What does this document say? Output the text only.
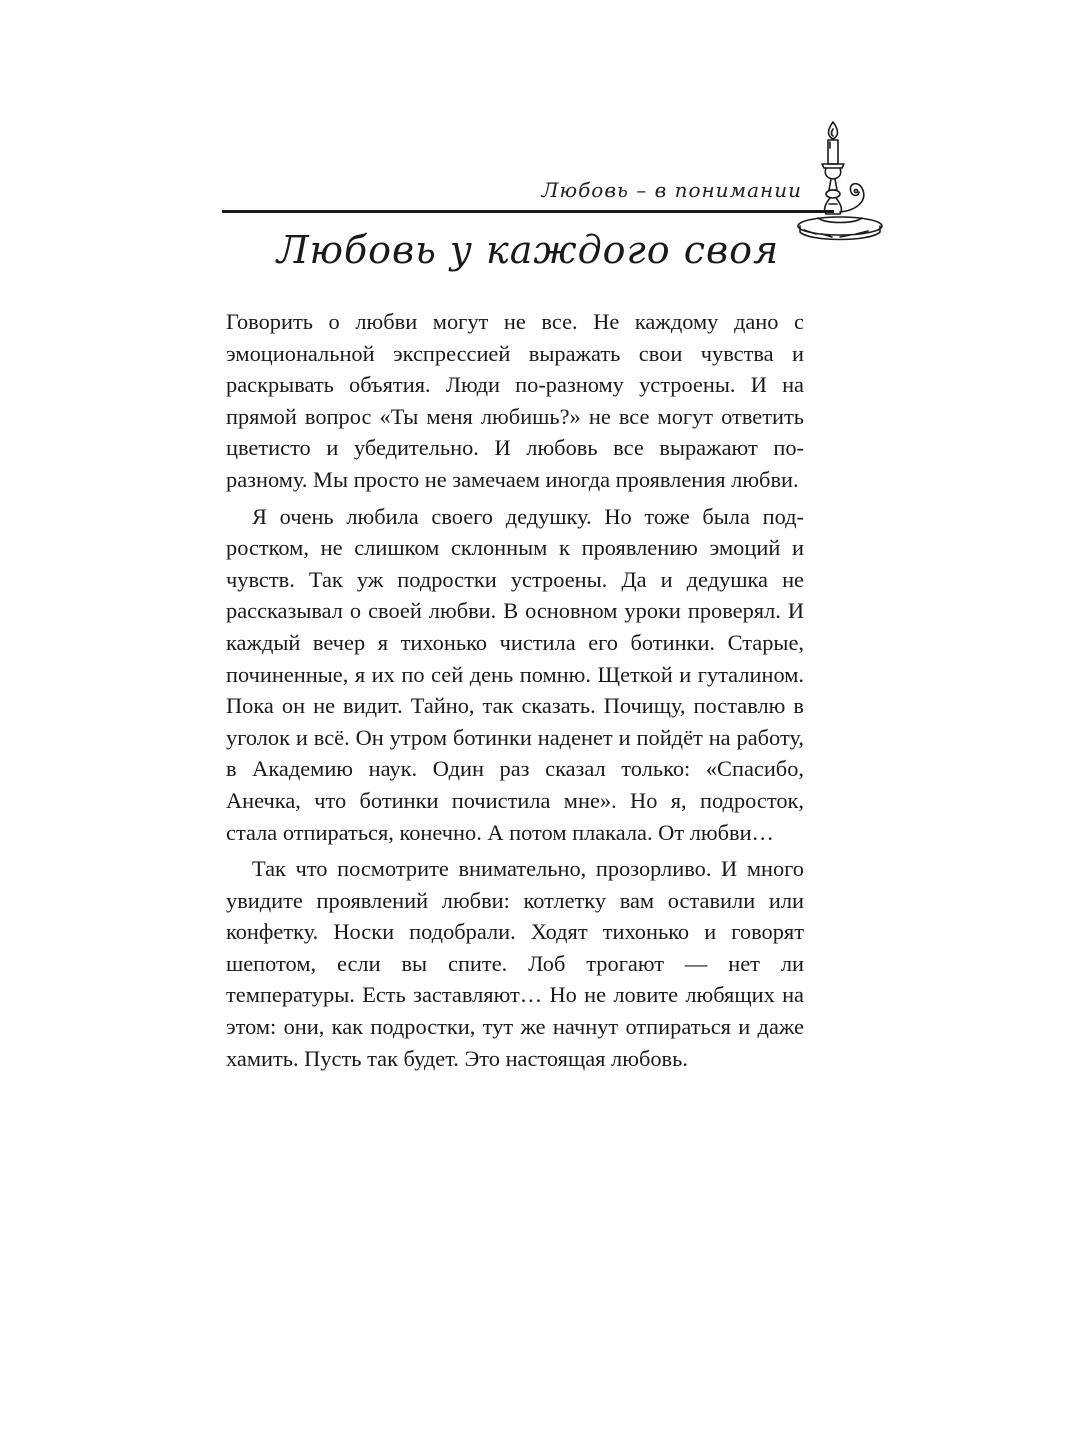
Любовь – в понимании
Любовь у каждого своя

Говорить о любви могут не все. Не каждому дано с эмоциональной экспрессией выражать свои чувства и раскрывать объятия. Люди по-разному устроены. И на прямой вопрос «Ты меня любишь?» не все могут ответить цветисто и убедительно. И любовь все выражают по-разному. Мы просто не замечаем иногда проявления любви.

Я очень любила своего дедушку. Но тоже была подростком, не слишком склонным к проявлению эмоций и чувств. Так уж подростки устроены. Да и дедушка не рассказывал о своей любви. В основном уроки проверял. И каждый вечер я тихонько чистила его ботинки. Старые, починенные, я их по сей день помню. Щеткой и гуталином. Пока он не видит. Тайно, так сказать. Почищу, поставлю в уголок и всё. Он утром ботинки наденет и пойдёт на работу, в Академию наук. Один раз сказал только: «Спасибо, Анечка, что ботинки почистила мне». Но я, подросток, стала отпираться, конечно. А потом плакала. От любви…

Так что посмотрите внимательно, прозорливо. И много увидите проявлений любви: котлетку вам оставили или конфетку. Носки подобрали. Ходят тихонько и говорят шепотом, если вы спите. Лоб трогают — нет ли температуры. Есть заставляют… Но не ловите любящих на этом: они, как подростки, тут же начнут отпираться и даже хамить. Пусть так будет. Это настоящая любовь.
